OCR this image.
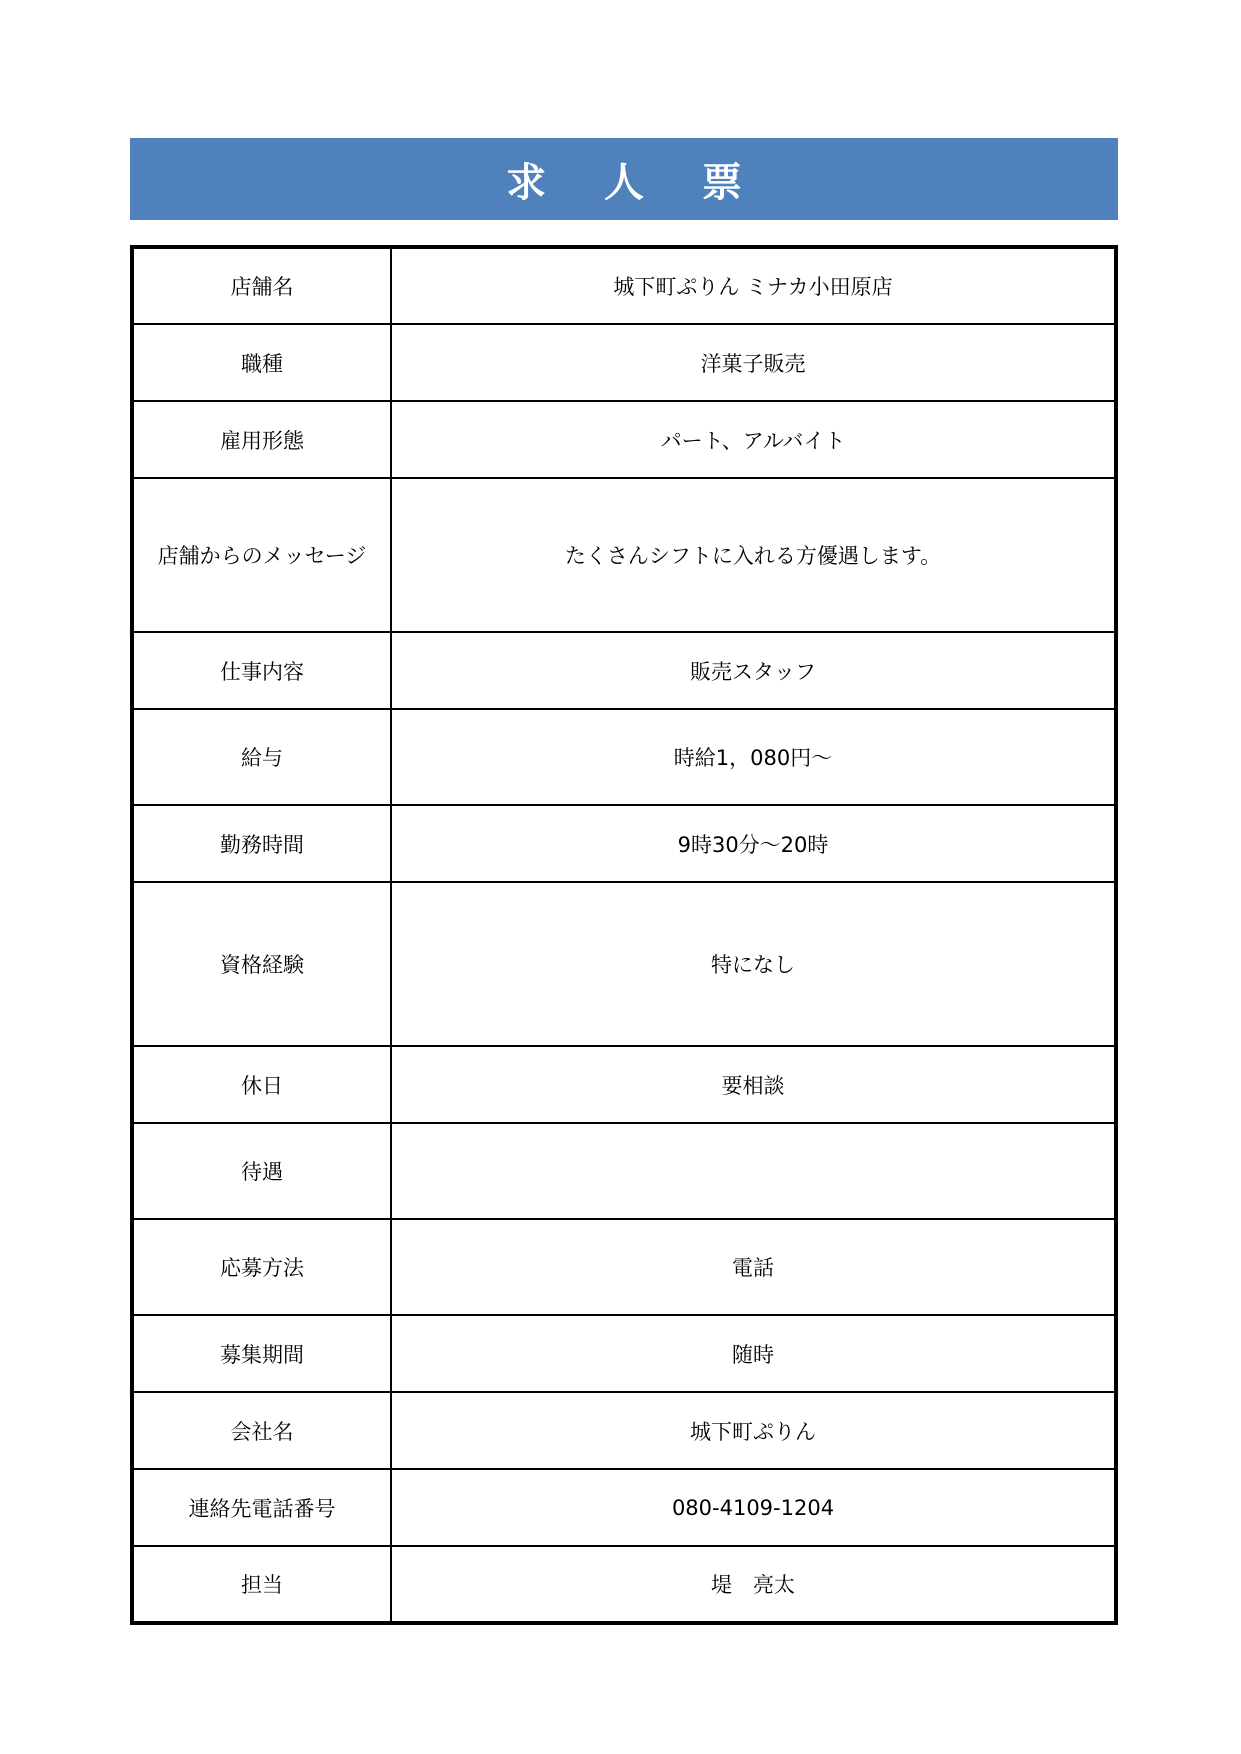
求 人 票
店舗名	城下町ぷりん ミナカ小田原店
職種	洋菓子販売
雇用形態	パート、アルバイト
店舗からのメッセージ	たくさんシフトに入れる方優遇します。
仕事内容	販売スタッフ
給与	時給1，080円～
勤務時間	9時30分～20時
資格経験	特になし
休日	要相談
待遇	
応募方法	電話
募集期間	随時
会社名	城下町ぷりん
連絡先電話番号	080-4109-1204
担当	堤　亮太
